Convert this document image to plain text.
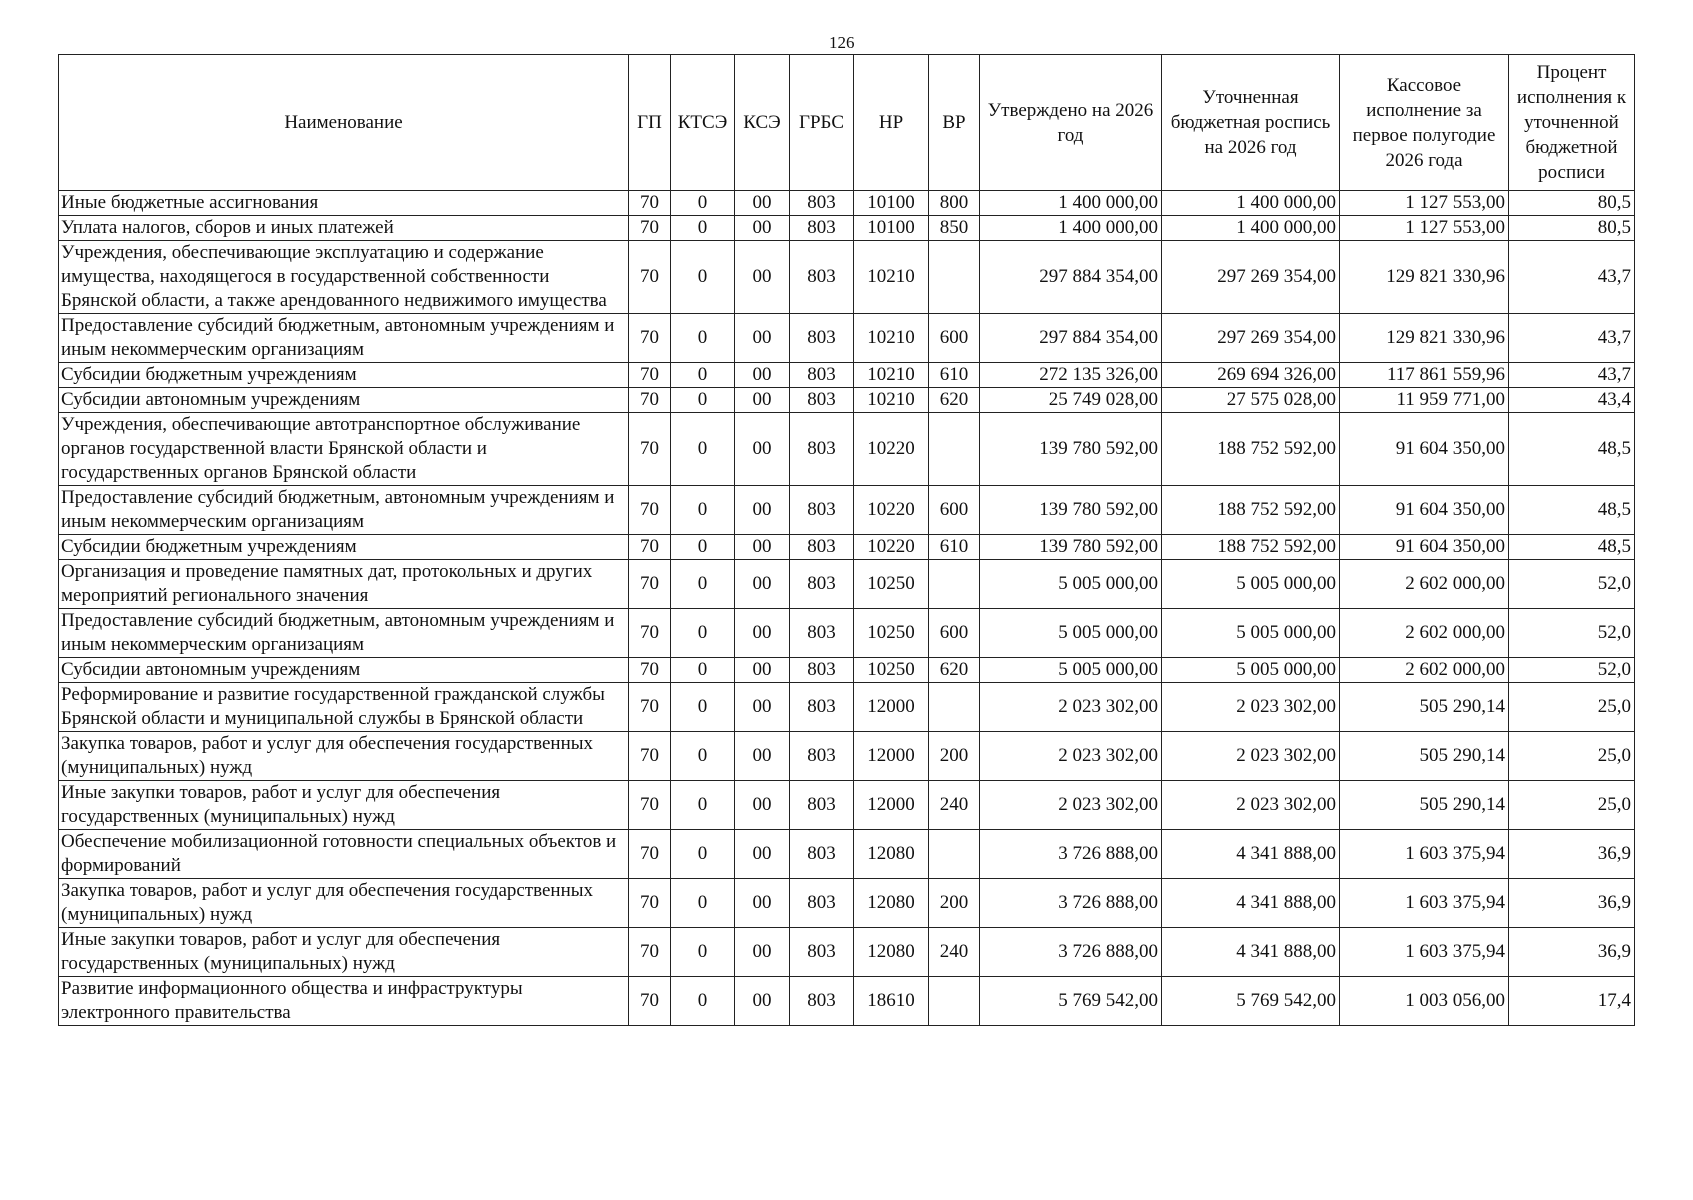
126
Наименование	ГП	КТСЭ	КСЭ	ГРБС	НР	ВР	Утверждено на 2026 год	Уточненная бюджетная роспись на 2026 год	Кассовое исполнение за первое полугодие 2026 года	Процент исполнения к уточненной бюджетной росписи
Иные бюджетные ассигнования	70	0	00	803	10100	800	1 400 000,00	1 400 000,00	1 127 553,00	80,5
Уплата налогов, сборов и иных платежей	70	0	00	803	10100	850	1 400 000,00	1 400 000,00	1 127 553,00	80,5
Учреждения, обеспечивающие эксплуатацию и содержание имущества, находящегося в государственной собственности Брянской области, а также арендованного недвижимого имущества	70	0	00	803	10210		297 884 354,00	297 269 354,00	129 821 330,96	43,7
Предоставление субсидий бюджетным, автономным учреждениям и иным некоммерческим организациям	70	0	00	803	10210	600	297 884 354,00	297 269 354,00	129 821 330,96	43,7
Субсидии бюджетным учреждениям	70	0	00	803	10210	610	272 135 326,00	269 694 326,00	117 861 559,96	43,7
Субсидии автономным учреждениям	70	0	00	803	10210	620	25 749 028,00	27 575 028,00	11 959 771,00	43,4
Учреждения, обеспечивающие автотранспортное обслуживание органов государственной власти Брянской области и государственных органов Брянской области	70	0	00	803	10220		139 780 592,00	188 752 592,00	91 604 350,00	48,5
Предоставление субсидий бюджетным, автономным учреждениям и иным некоммерческим организациям	70	0	00	803	10220	600	139 780 592,00	188 752 592,00	91 604 350,00	48,5
Субсидии бюджетным учреждениям	70	0	00	803	10220	610	139 780 592,00	188 752 592,00	91 604 350,00	48,5
Организация и проведение памятных дат, протокольных и других мероприятий регионального значения	70	0	00	803	10250		5 005 000,00	5 005 000,00	2 602 000,00	52,0
Предоставление субсидий бюджетным, автономным учреждениям и иным некоммерческим организациям	70	0	00	803	10250	600	5 005 000,00	5 005 000,00	2 602 000,00	52,0
Субсидии автономным учреждениям	70	0	00	803	10250	620	5 005 000,00	5 005 000,00	2 602 000,00	52,0
Реформирование и развитие государственной гражданской службы Брянской области и муниципальной службы в Брянской области	70	0	00	803	12000		2 023 302,00	2 023 302,00	505 290,14	25,0
Закупка товаров, работ и услуг для обеспечения государственных (муниципальных) нужд	70	0	00	803	12000	200	2 023 302,00	2 023 302,00	505 290,14	25,0
Иные закупки товаров, работ и услуг для обеспечения государственных (муниципальных) нужд	70	0	00	803	12000	240	2 023 302,00	2 023 302,00	505 290,14	25,0
Обеспечение мобилизационной готовности специальных объектов и формирований	70	0	00	803	12080		3 726 888,00	4 341 888,00	1 603 375,94	36,9
Закупка товаров, работ и услуг для обеспечения государственных (муниципальных) нужд	70	0	00	803	12080	200	3 726 888,00	4 341 888,00	1 603 375,94	36,9
Иные закупки товаров, работ и услуг для обеспечения государственных (муниципальных) нужд	70	0	00	803	12080	240	3 726 888,00	4 341 888,00	1 603 375,94	36,9
Развитие информационного общества и инфраструктуры электронного правительства	70	0	00	803	18610		5 769 542,00	5 769 542,00	1 003 056,00	17,4
